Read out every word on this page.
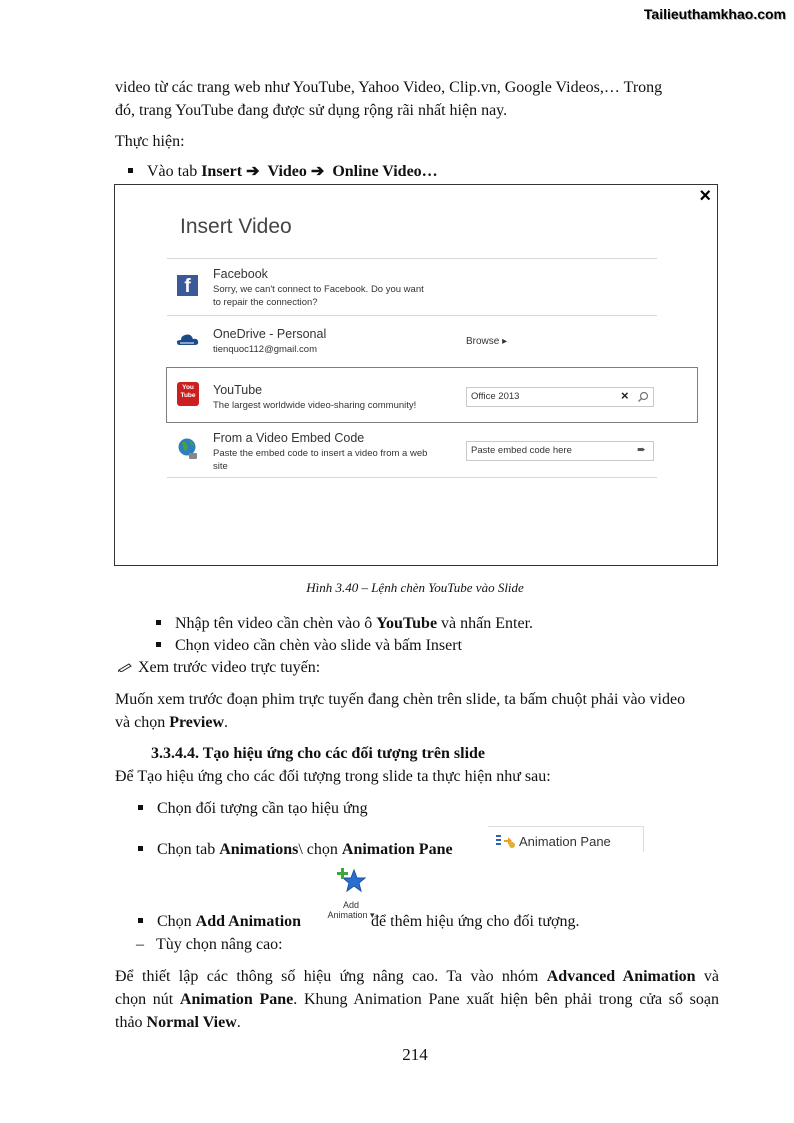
Tailieuthamkhao.com
video từ các trang web như YouTube, Yahoo Video, Clip.vn, Google Videos,… Trong
đó, trang YouTube đang được sử dụng rộng rãi nhất hiện nay.
Thực hiện:
Vào tab Insert ➔ Video ➔ Online Video…
×
Insert Video
f
Facebook
Sorry, we can't connect to Facebook. Do you want
to repair the connection?
OneDrive - Personal
tienquoc112@gmail.com
Browse ▸
You Tube YouTube
The largest worldwide video-sharing community!
Office 2013	×
From a Video Embed Code
Paste the embed code to insert a video from a web
site
Paste embed code here	➨
Hình 3.40 – Lệnh chèn YouTube vào Slide
Nhập tên video cần chèn vào ô YouTube và nhấn Enter.
Chọn video cần chèn vào slide và bấm Insert
Xem trước video trực tuyến:
Muốn xem trước đoạn phim trực tuyến đang chèn trên slide, ta bấm chuột phải vào video
và chọn Preview.
3.3.4.4. Tạo hiệu ứng cho các đối tượng trên slide
Để Tạo hiệu ứng cho các đối tượng trong slide ta thực hiện như sau:
Chọn đối tượng cần tạo hiệu ứng
Chọn tab Animations\ chọn Animation Pane	Animation Pane
Add
Animation ▾
Chọn Add Animation	để thêm hiệu ứng cho đối tượng.
– Tùy chọn nâng cao:
Để thiết lập các thông số hiệu ứng nâng cao. Ta vào nhóm Advanced Animation và
chọn nút Animation Pane. Khung Animation Pane xuất hiện bên phải trong cửa sổ soạn
thảo Normal View.
214
